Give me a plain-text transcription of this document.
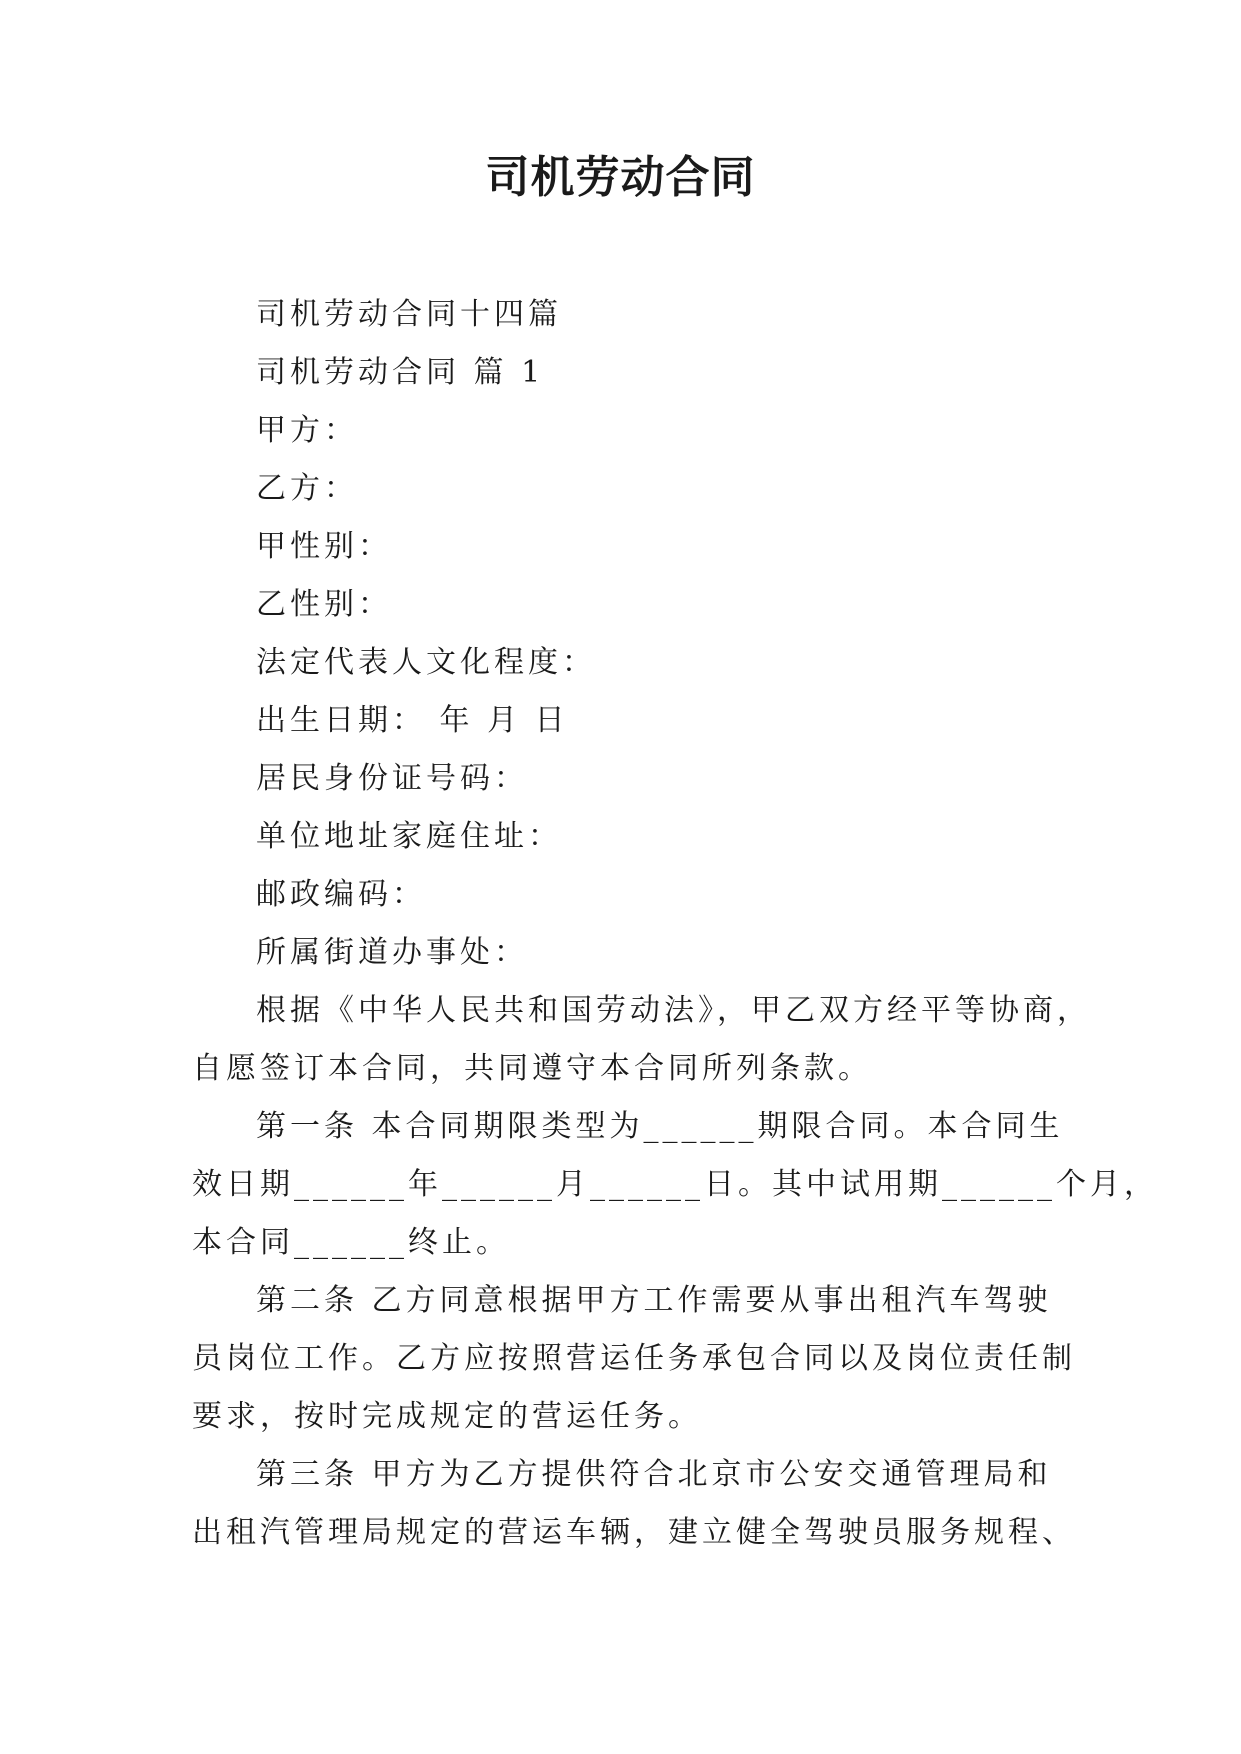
司机劳动合同
司机劳动合同十四篇
司机劳动合同 篇 1
甲方：
乙方：
甲性别：
乙性别：
法定代表人文化程度：
出生日期： 年 月 日
居民身份证号码：
单位地址家庭住址：
邮政编码：
所属街道办事处：
根据《中华人民共和国劳动法》，甲乙双方经平等协商，
自愿签订本合同，共同遵守本合同所列条款。
第一条 本合同期限类型为______期限合同。本合同生
效日期______年______月______日。其中试用期______个月，
本合同______终止。
第二条 乙方同意根据甲方工作需要从事出租汽车驾驶
员岗位工作。乙方应按照营运任务承包合同以及岗位责任制
要求，按时完成规定的营运任务。
第三条 甲方为乙方提供符合北京市公安交通管理局和
出租汽管理局规定的营运车辆，建立健全驾驶员服务规程、
